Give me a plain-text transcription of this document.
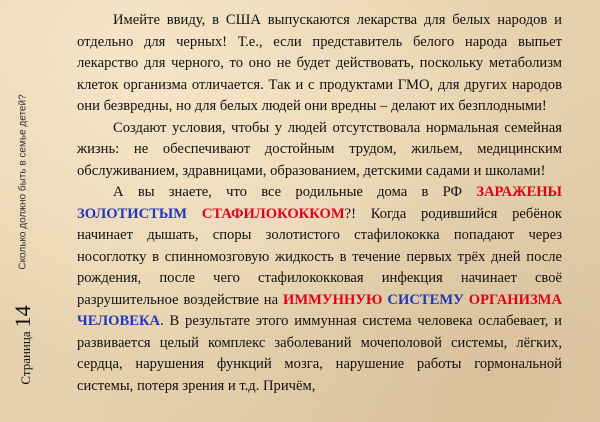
Сколько должно быть в семье детей?
Страница14

Имейте ввиду, в США выпускаются лекарства для белых народов и отдельно для черных! Т.е., если представитель белого народа выпьет лекарство для черного, то оно не будет действовать, поскольку метаболизм клеток организма отличается. Так и с продуктами ГМО, для других народов они безвредны, но для белых людей они вредны – делают их безплодными!

Создают условия, чтобы у людей отсутствовала нормальная семейная жизнь: не обеспечивают достойным трудом, жильем, медицинским обслуживанием, здравницами, образованием, детскими садами и школами!

А вы знаете, что все родильные дома в РФ ЗАРАЖЕНЫ ЗОЛОТИСТЫМ СТАФИЛОКОККОМ?! Когда родившийся ребёнок начинает дышать, споры золотистого стафилококка попадают через носоглотку в спинномозговую жидкость в течение первых трёх дней после рождения, после чего стафилококковая инфекция начинает своё разрушительное воздействие на ИММУННУЮ СИСТЕМУ ОРГАНИЗМА ЧЕЛОВЕКА. В результате этого иммунная система человека ослабевает, и развивается целый комплекс заболеваний мочеполовой системы, лёгких, сердца, нарушения функций мозга, нарушение работы гормональной системы, потеря зрения и т.д. Причём,
